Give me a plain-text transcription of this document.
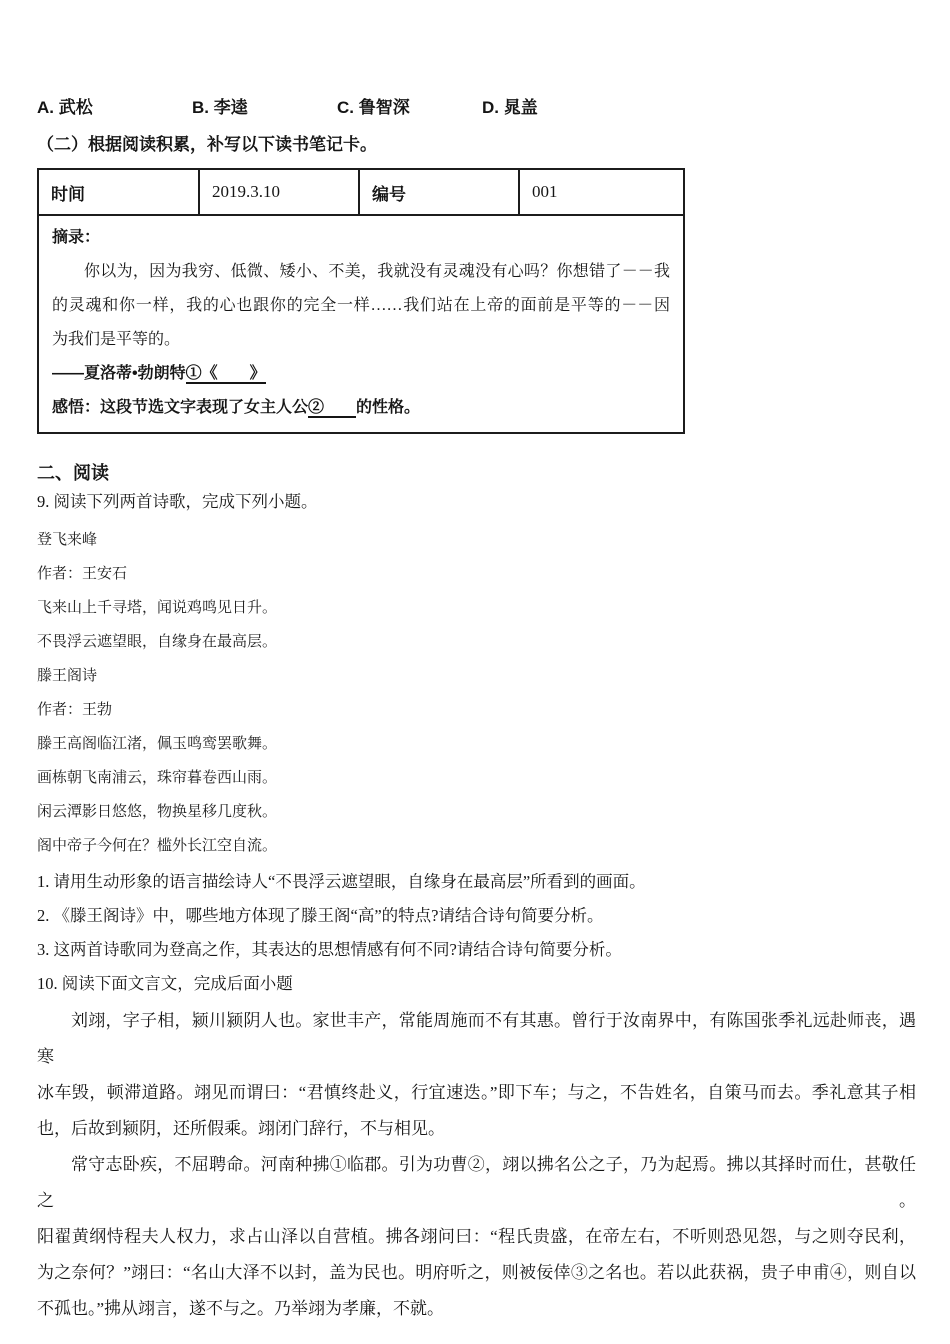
A. 武松	B. 李逵	C. 鲁智深	D. 晁盖
（二）根据阅读积累，补写以下读书笔记卡。
时间	2019.3.10	编号	001

摘录：
你以为，因为我穷、低微、矮小、不美，我就没有灵魂没有心吗？你想错了－－我
的灵魂和你一样，我的心也跟你的完全一样……我们站在上帝的面前是平等的－－因
为我们是平等的。
——夏洛蒂•勃朗特①《　　》
感悟：这段节选文字表现了女主人公②　　的性格。
二、阅读
9. 阅读下列两首诗歌，完成下列小题。
登飞来峰
作者：王安石
飞来山上千寻塔，闻说鸡鸣见日升。
不畏浮云遮望眼，自缘身在最高层。
滕王阁诗
作者：王勃
滕王高阁临江渚，佩玉鸣鸾罢歌舞。
画栋朝飞南浦云，珠帘暮卷西山雨。
闲云潭影日悠悠，物换星移几度秋。
阁中帝子今何在？槛外长江空自流。
1. 请用生动形象的语言描绘诗人“不畏浮云遮望眼，自缘身在最高层”所看到的画面。
2. 《滕王阁诗》中，哪些地方体现了滕王阁“高”的特点?请结合诗句简要分析。
3. 这两首诗歌同为登高之作，其表达的思想情感有何不同?请结合诗句简要分析。
10. 阅读下面文言文，完成后面小题
刘翊，字子相，颍川颍阴人也。家世丰产，常能周施而不有其惠。曾行于汝南界中，有陈国张季礼远赴师丧，遇寒
冰车毁，顿滞道路。翊见而谓曰：“君慎终赴义，行宜速迭。”即下车；与之，不告姓名，自策马而去。季礼意其子相
也，后故到颍阴，还所假乘。翊闭门辞行，不与相见。
常守志卧疾，不屈聘命。河南种拂①临郡。引为功曹②，翊以拂名公之子，乃为起焉。拂以其择时而仕，甚敬任之。
阳翟黄纲恃程夫人权力，求占山泽以自营植。拂各翊问曰：“程氏贵盛，在帝左右，不听则恐见怨，与之则夺民利，
为之奈何？”翊曰：“名山大泽不以封，盖为民也。明府听之，则被佞倖③之名也。若以此获祸，贵子申甫④，则自以
不孤也。”拂从翊言，遂不与之。乃举翊为孝廉，不就。
